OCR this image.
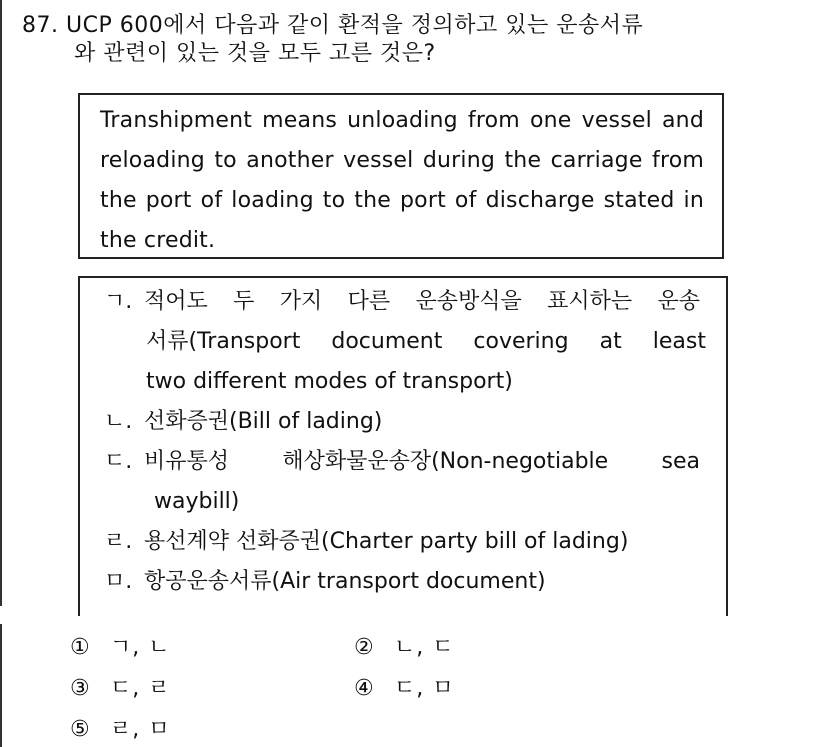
87. UCP 600에서 다음과 같이 환적을 정의하고 있는 운송서류
와 관련이 있는 것을 모두 고른 것은?
Transhipment means unloading from one vessel and reloading to another vessel during the carriage from the port of loading to the port of discharge stated in the credit.
ㄱ. 적어도 두 가지 다른 운송방식을 표시하는 운송
서류(Transport document covering at least
two different modes of transport)
ㄴ. 선화증권(Bill of lading)
ㄷ. 비유통성 해상화물운송장(Non-negotiable sea
waybill)
ㄹ. 용선계약 선화증권(Charter party bill of lading)
ㅁ. 항공운송서류(Air transport document)
① ㄱ, ㄴ	② ㄴ, ㄷ
③ ㄷ, ㄹ	④ ㄷ, ㅁ
⑤ ㄹ, ㅁ
